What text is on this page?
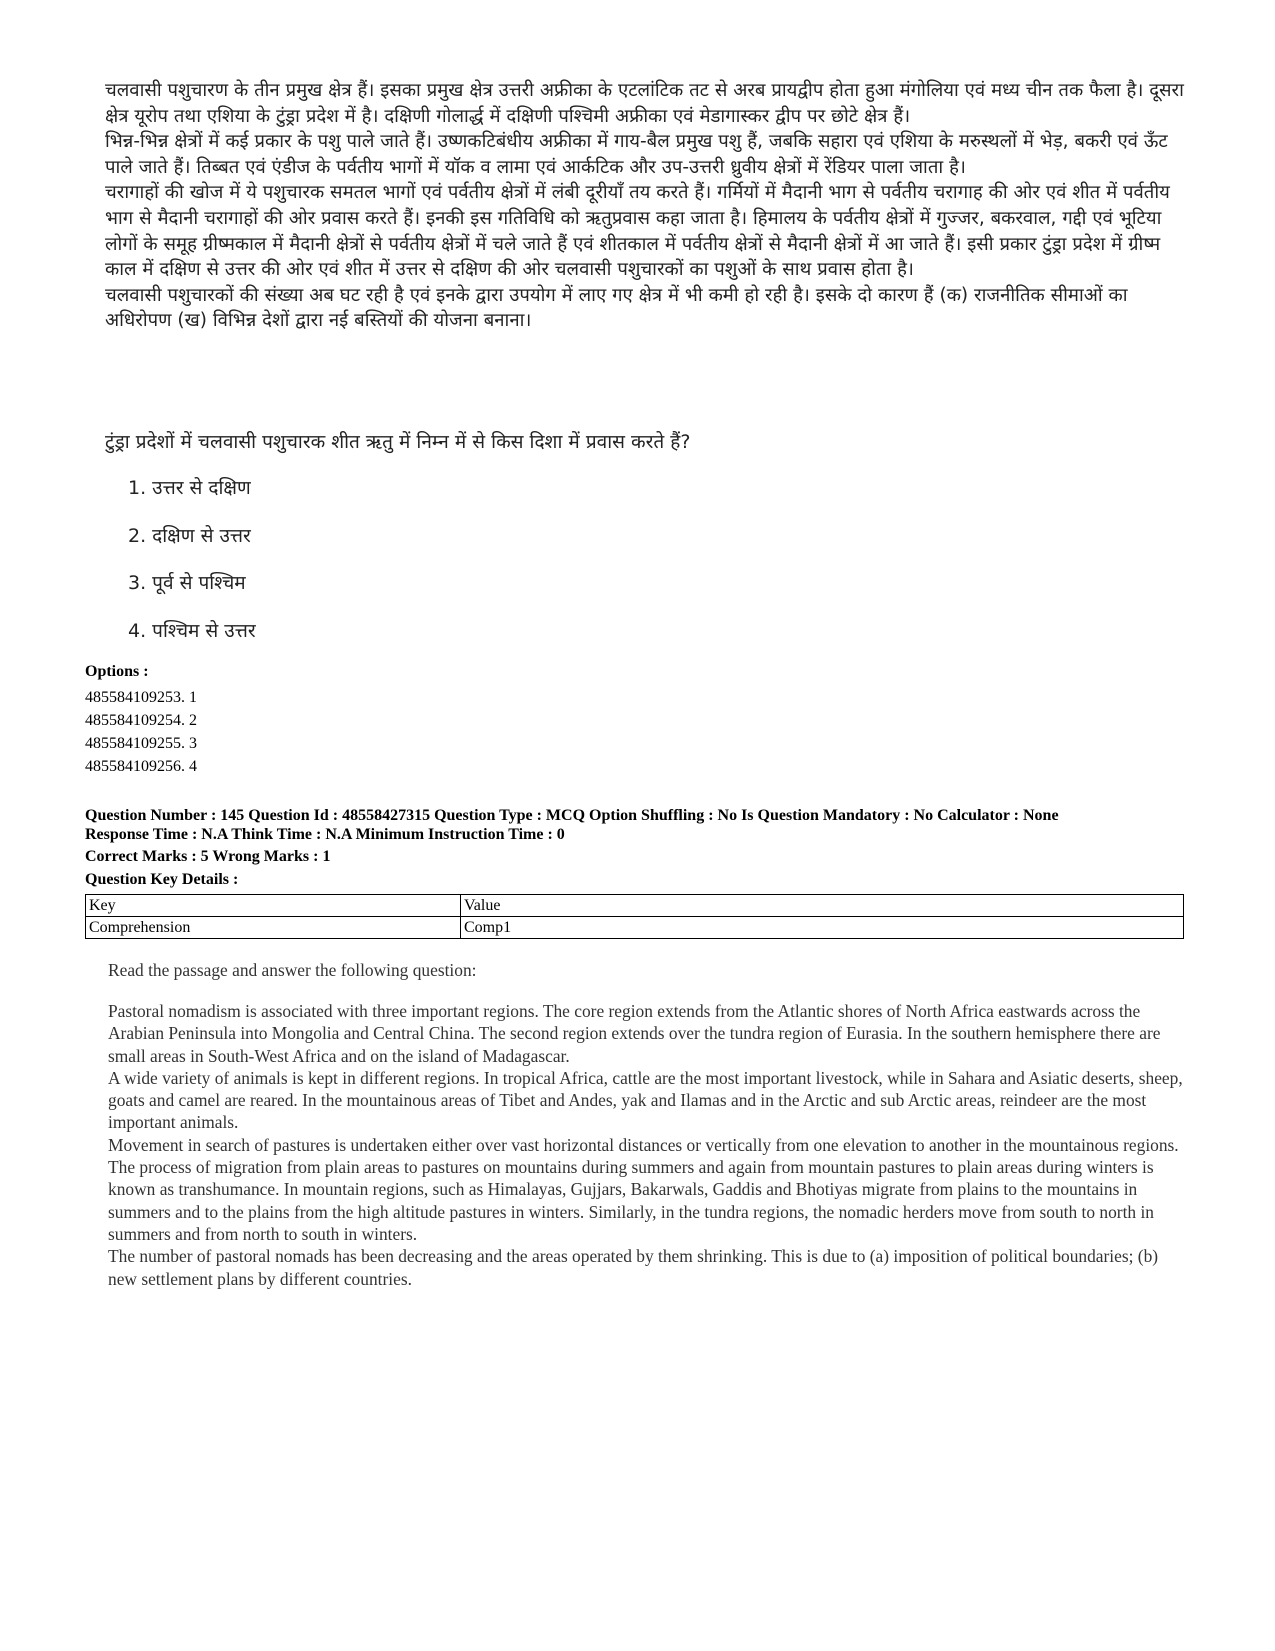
चलवासी पशुचारण के तीन प्रमुख क्षेत्र हैं। इसका प्रमुख क्षेत्र उत्तरी अफ्रीका के एटलांटिक तट से अरब प्रायद्वीप होता हुआ मंगोलिया एवं मध्य चीन तक फैला है। दूसरा क्षेत्र यूरोप तथा एशिया के टुंड्रा प्रदेश में है। दक्षिणी गोलार्द्ध में दक्षिणी पश्चिमी अफ्रीका एवं मेडागास्कर द्वीप पर छोटे क्षेत्र हैं।

भिन्न-भिन्न क्षेत्रों में कई प्रकार के पशु पाले जाते हैं। उष्णकटिबंधीय अफ्रीका में गाय-बैल प्रमुख पशु हैं, जबकि सहारा एवं एशिया के मरुस्थलों में भेड़, बकरी एवं ऊँट पाले जाते हैं। तिब्बत एवं एंडीज के पर्वतीय भागों में यॉक व लामा एवं आर्कटिक और उप-उत्तरी ध्रुवीय क्षेत्रों में रेंडियर पाला जाता है।

चरागाहों की खोज में ये पशुचारक समतल भागों एवं पर्वतीय क्षेत्रों में लंबी दूरीयाँ तय करते हैं। गर्मियों में मैदानी भाग से पर्वतीय चरागाह की ओर एवं शीत में पर्वतीय भाग से मैदानी चरागाहों की ओर प्रवास करते हैं। इनकी इस गतिविधि को ऋतुप्रवास कहा जाता है। हिमालय के पर्वतीय क्षेत्रों में गुज्जर, बकरवाल, गद्दी एवं भूटिया लोगों के समूह ग्रीष्मकाल में मैदानी क्षेत्रों से पर्वतीय क्षेत्रों में चले जाते हैं एवं शीतकाल में पर्वतीय क्षेत्रों से मैदानी क्षेत्रों में आ जाते हैं। इसी प्रकार टुंड्रा प्रदेश में ग्रीष्म काल में दक्षिण से उत्तर की ओर एवं शीत में उत्तर से दक्षिण की ओर चलवासी पशुचारकों का पशुओं के साथ प्रवास होता है।

चलवासी पशुचारकों की संख्या अब घट रही है एवं इनके द्वारा उपयोग में लाए गए क्षेत्र में भी कमी हो रही है। इसके दो कारण हैं (क) राजनीतिक सीमाओं का अधिरोपण (ख) विभिन्न देशों द्वारा नई बस्तियों की योजना बनाना।

टुंड्रा प्रदेशों में चलवासी पशुचारक शीत ऋतु में निम्न में से किस दिशा में प्रवास करते हैं?
1. उत्तर से दक्षिण
2. दक्षिण से उत्तर
3. पूर्व से पश्चिम
4. पश्चिम से उत्तर
Options :
485584109253. 1
485584109254. 2
485584109255. 3
485584109256. 4
Question Number : 145 Question Id : 48558427315 Question Type : MCQ Option Shuffling : No Is Question Mandatory : No Calculator : None
Response Time : N.A Think Time : N.A Minimum Instruction Time : 0
Correct Marks : 5 Wrong Marks : 1
Question Key Details :
Key	Value
Comprehension	Comp1

Read the passage and answer the following question:

Pastoral nomadism is associated with three important regions. The core region extends from the Atlantic shores of North Africa eastwards across the Arabian Peninsula into Mongolia and Central China. The second region extends over the tundra region of Eurasia. In the southern hemisphere there are small areas in South-West Africa and on the island of Madagascar.

A wide variety of animals is kept in different regions. In tropical Africa, cattle are the most important livestock, while in Sahara and Asiatic deserts, sheep, goats and camel are reared. In the mountainous areas of Tibet and Andes, yak and Ilamas and in the Arctic and sub Arctic areas, reindeer are the most important animals.

Movement in search of pastures is undertaken either over vast horizontal distances or vertically from one elevation to another in the mountainous regions. The process of migration from plain areas to pastures on mountains during summers and again from mountain pastures to plain areas during winters is known as transhumance. In mountain regions, such as Himalayas, Gujjars, Bakarwals, Gaddis and Bhotiyas migrate from plains to the mountains in summers and to the plains from the high altitude pastures in winters. Similarly, in the tundra regions, the nomadic herders move from south to north in summers and from north to south in winters.

The number of pastoral nomads has been decreasing and the areas operated by them shrinking. This is due to (a) imposition of political boundaries; (b) new settlement plans by different countries.
